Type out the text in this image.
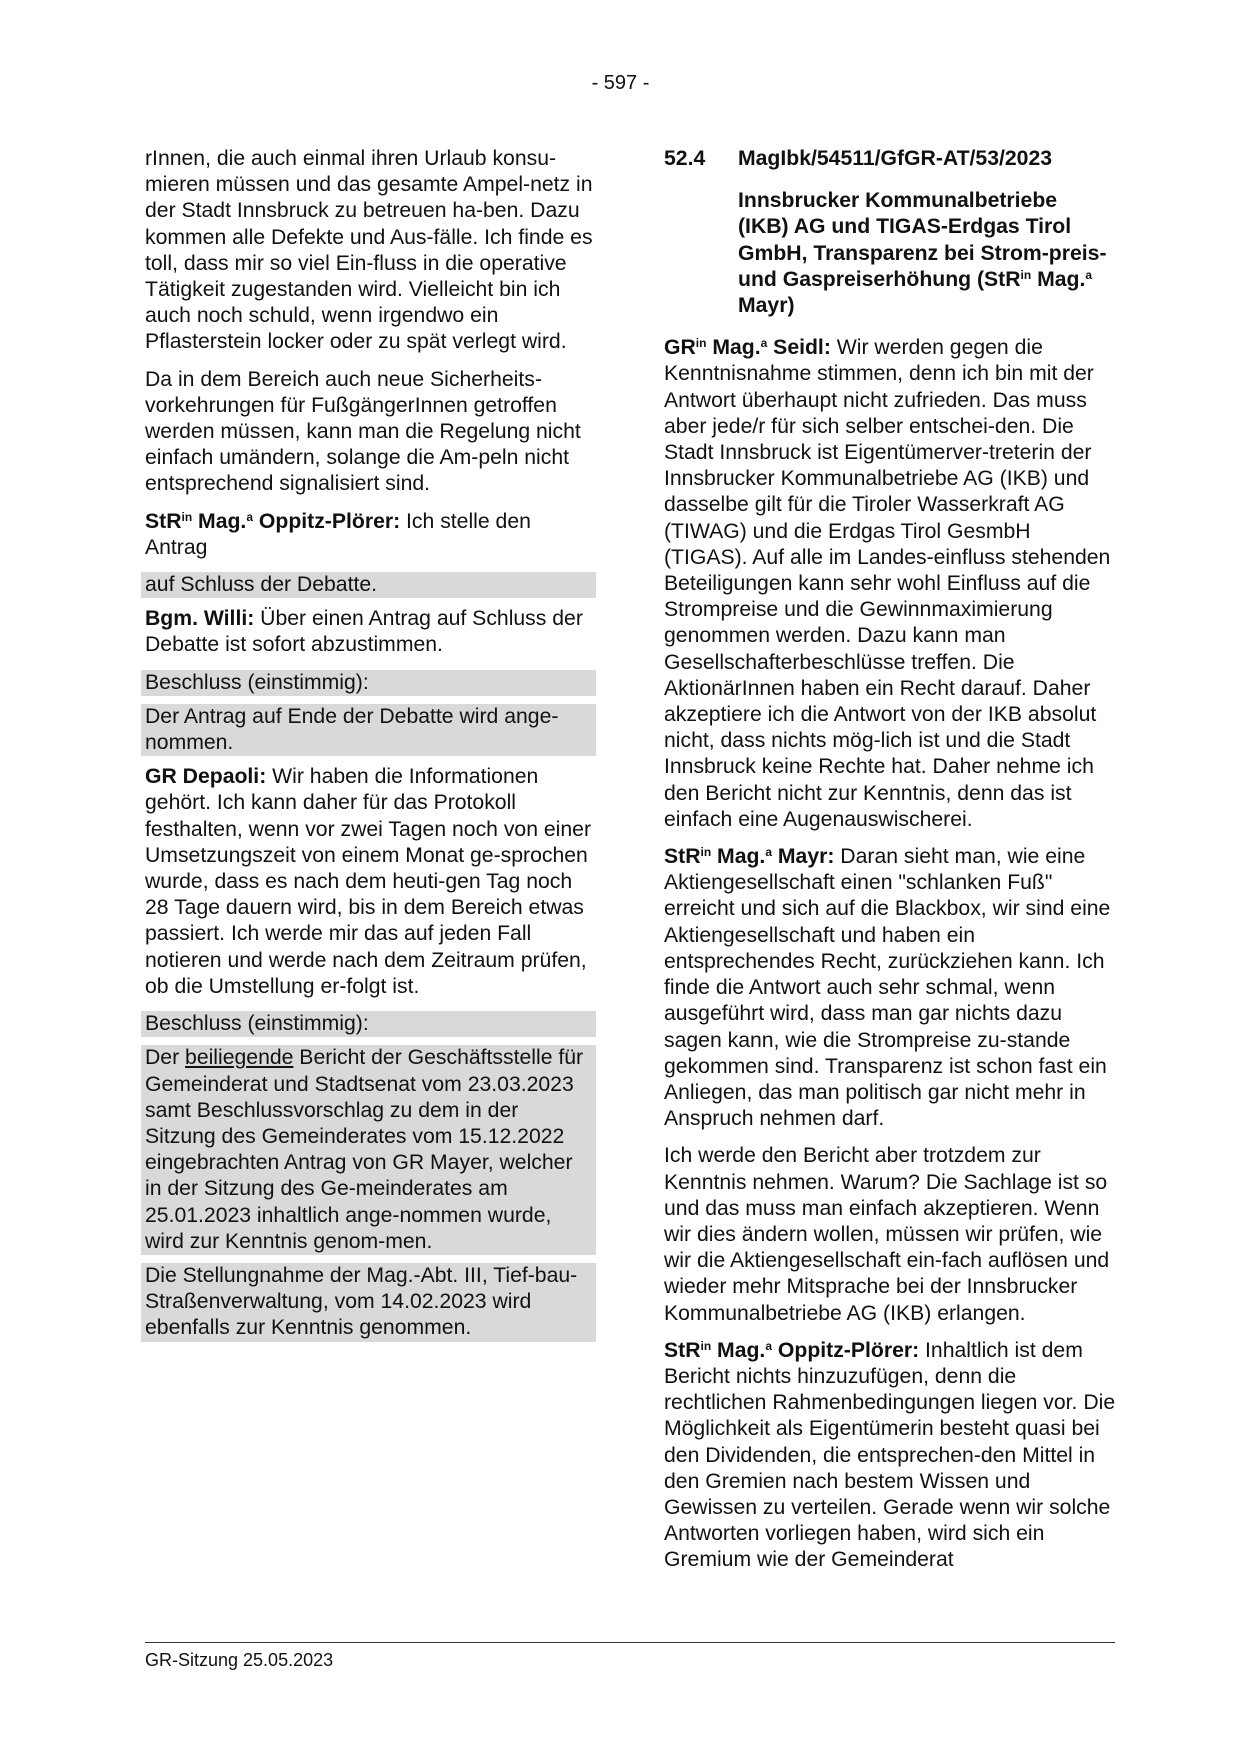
- 597 -

rInnen, die auch einmal ihren Urlaub konsu-mieren müssen und das gesamte Ampel-netz in der Stadt Innsbruck zu betreuen ha-ben. Dazu kommen alle Defekte und Aus-fälle. Ich finde es toll, dass mir so viel Ein-fluss in die operative Tätigkeit zugestanden wird. Vielleicht bin ich auch noch schuld, wenn irgendwo ein Pflasterstein locker oder zu spät verlegt wird.

Da in dem Bereich auch neue Sicherheits-vorkehrungen für FußgängerInnen getroffen werden müssen, kann man die Regelung nicht einfach umändern, solange die Am-peln nicht entsprechend signalisiert sind.

StR$^{in}$ Mag.$^a$ Oppitz-Plörer: Ich stelle den Antrag

auf Schluss der Debatte.

Bgm. Willi: Über einen Antrag auf Schluss der Debatte ist sofort abzustimmen.

Beschluss (einstimmig):

Der Antrag auf Ende der Debatte wird ange-nommen.

GR Depaoli: Wir haben die Informationen gehört. Ich kann daher für das Protokoll festhalten, wenn vor zwei Tagen noch von einer Umsetzungszeit von einem Monat ge-sprochen wurde, dass es nach dem heuti-gen Tag noch 28 Tage dauern wird, bis in dem Bereich etwas passiert. Ich werde mir das auf jeden Fall notieren und werde nach dem Zeitraum prüfen, ob die Umstellung er-folgt ist.

Beschluss (einstimmig):

Der beiliegende Bericht der Geschäftsstelle für Gemeinderat und Stadtsenat vom 23.03.2023 samt Beschlussvorschlag zu dem in der Sitzung des Gemeinderates vom 15.12.2022 eingebrachten Antrag von GR Mayer, welcher in der Sitzung des Ge-meinderates am 25.01.2023 inhaltlich ange-nommen wurde, wird zur Kenntnis genom-men.

Die Stellungnahme der Mag.-Abt. III, Tief-bau-Straßenverwaltung, vom 14.02.2023 wird ebenfalls zur Kenntnis genommen.

52.4	MagIbk/54511/GfGR-AT/53/2023

Innsbrucker Kommunalbetriebe (IKB) AG und TIGAS-Erdgas Tirol GmbH, Transparenz bei Strom-preis- und Gaspreiserhöhung (StR$^{in}$ Mag.$^a$ Mayr)

$GR^{in}$ Mag.$^a$ Seidl: Wir werden gegen die Kenntnisnahme stimmen, denn ich bin mit der Antwort überhaupt nicht zufrieden. Das muss aber jede/r für sich selber entschei-den. Die Stadt Innsbruck ist Eigentümerver-treterin der Innsbrucker Kommunalbetriebe AG (IKB) und dasselbe gilt für die Tiroler Wasserkraft AG (TIWAG) und die Erdgas Tirol GesmbH (TIGAS). Auf alle im Landes-einfluss stehenden Beteiligungen kann sehr wohl Einfluss auf die Strompreise und die Gewinnmaximierung genommen werden. Dazu kann man Gesellschafterbeschlüsse treffen. Die AktionärInnen haben ein Recht darauf. Daher akzeptiere ich die Antwort von der IKB absolut nicht, dass nichts mög-lich ist und die Stadt Innsbruck keine Rechte hat. Daher nehme ich den Bericht nicht zur Kenntnis, denn das ist einfach eine Augenauswischerei.

StR$^{in}$ Mag.$^a$ Mayr: Daran sieht man, wie eine Aktiengesellschaft einen "schlanken Fuß" erreicht und sich auf die Blackbox, wir sind eine Aktiengesellschaft und haben ein entsprechendes Recht, zurückziehen kann. Ich finde die Antwort auch sehr schmal, wenn ausgeführt wird, dass man gar nichts dazu sagen kann, wie die Strompreise zu-stande gekommen sind. Transparenz ist schon fast ein Anliegen, das man politisch gar nicht mehr in Anspruch nehmen darf.

Ich werde den Bericht aber trotzdem zur Kenntnis nehmen. Warum? Die Sachlage ist so und das muss man einfach akzeptieren. Wenn wir dies ändern wollen, müssen wir prüfen, wie wir die Aktiengesellschaft ein-fach auflösen und wieder mehr Mitsprache bei der Innsbrucker Kommunalbetriebe AG (IKB) erlangen.

StR$^{in}$ Mag.$^a$ Oppitz-Plörer: Inhaltlich ist dem Bericht nichts hinzuzufügen, denn die rechtlichen Rahmenbedingungen liegen vor. Die Möglichkeit als Eigentümerin besteht quasi bei den Dividenden, die entsprechen-den Mittel in den Gremien nach bestem Wissen und Gewissen zu verteilen. Gerade wenn wir solche Antworten vorliegen haben, wird sich ein Gremium wie der Gemeinderat

GR-Sitzung 25.05.2023
